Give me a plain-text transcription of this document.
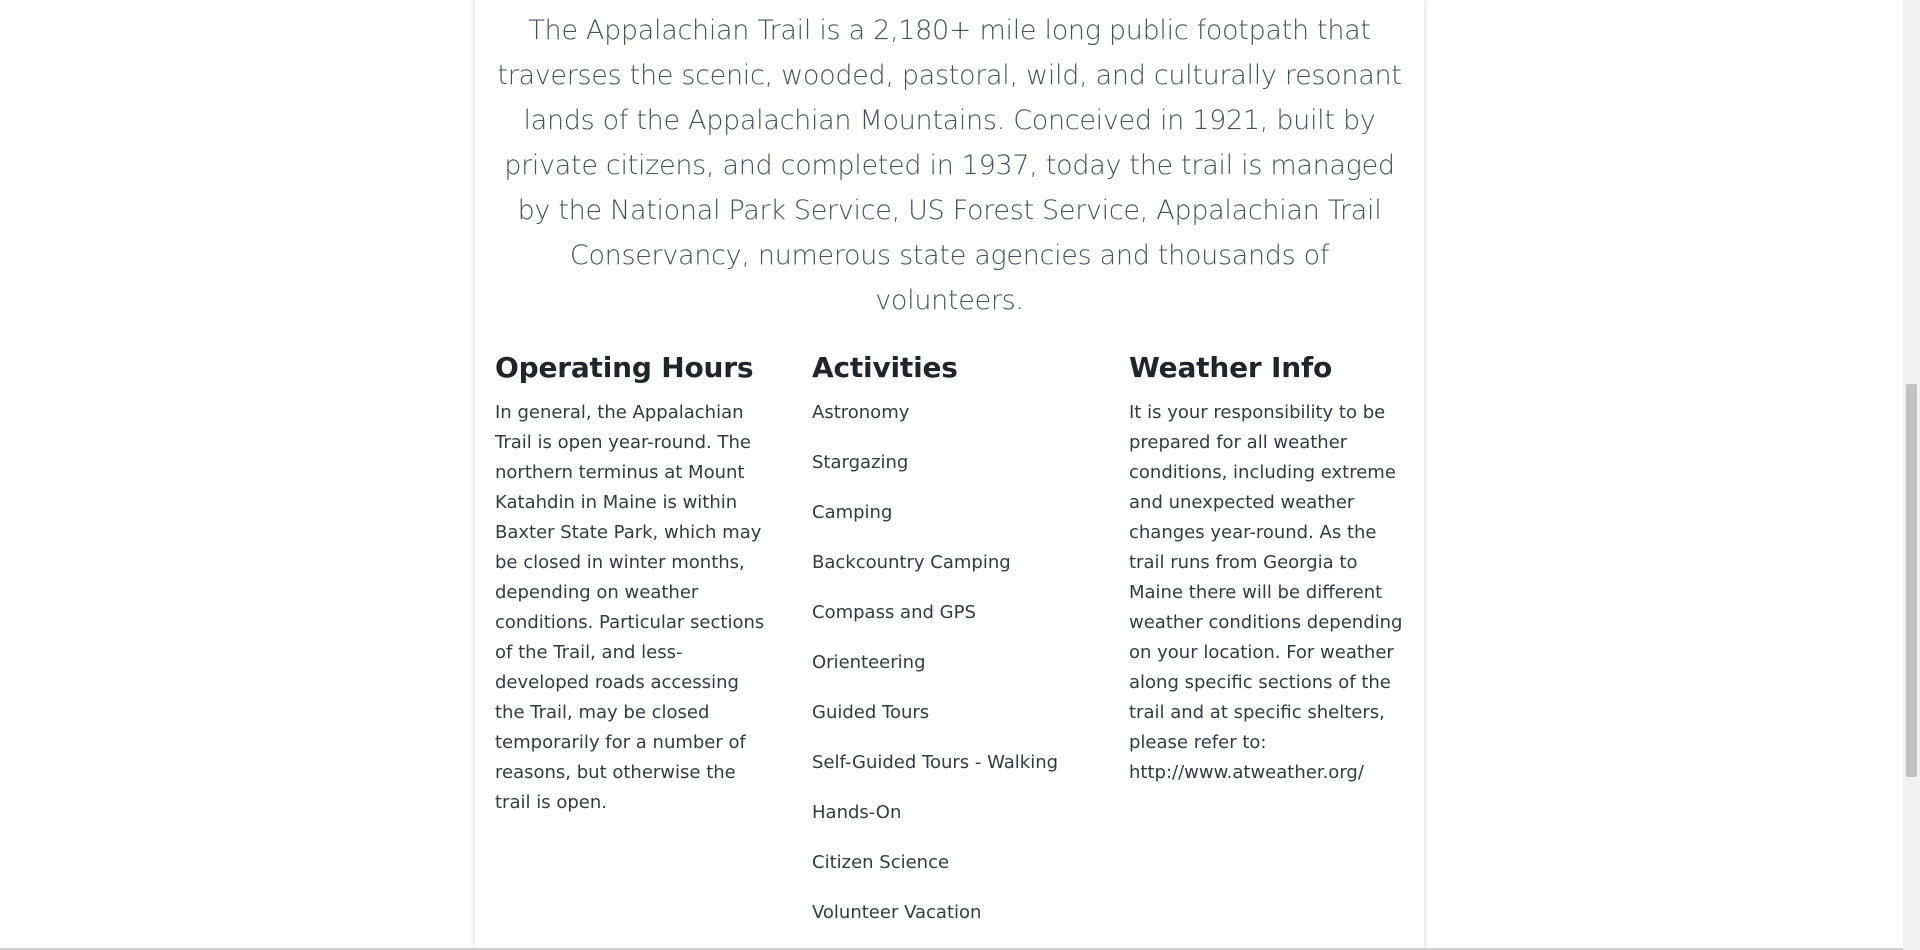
The Appalachian Trail is a 2,180+ mile long public footpath that traverses the scenic, wooded, pastoral, wild, and culturally resonant lands of the Appalachian Mountains. Conceived in 1921, built by private citizens, and completed in 1937, today the trail is managed by the National Park Service, US Forest Service, Appalachian Trail Conservancy, numerous state agencies and thousands of volunteers.
Operating Hours

In general, the Appalachian Trail is open year-round. The northern terminus at Mount Katahdin in Maine is within Baxter State Park, which may be closed in winter months, depending on weather conditions. Particular sections of the Trail, and less-developed roads accessing the Trail, may be closed temporarily for a number of reasons, but otherwise the trail is open.

Activities
Astronomy
Stargazing
Camping
Backcountry Camping
Compass and GPS
Orienteering
Guided Tours
Self-Guided Tours - Walking
Hands-On
Citizen Science
Volunteer Vacation
Weather Info

It is your responsibility to be prepared for all weather conditions, including extreme and unexpected weather changes year-round. As the trail runs from Georgia to Maine there will be different weather conditions depending on your location. For weather along specific sections of the trail and at specific shelters, please refer to: http://www.atweather.org/
